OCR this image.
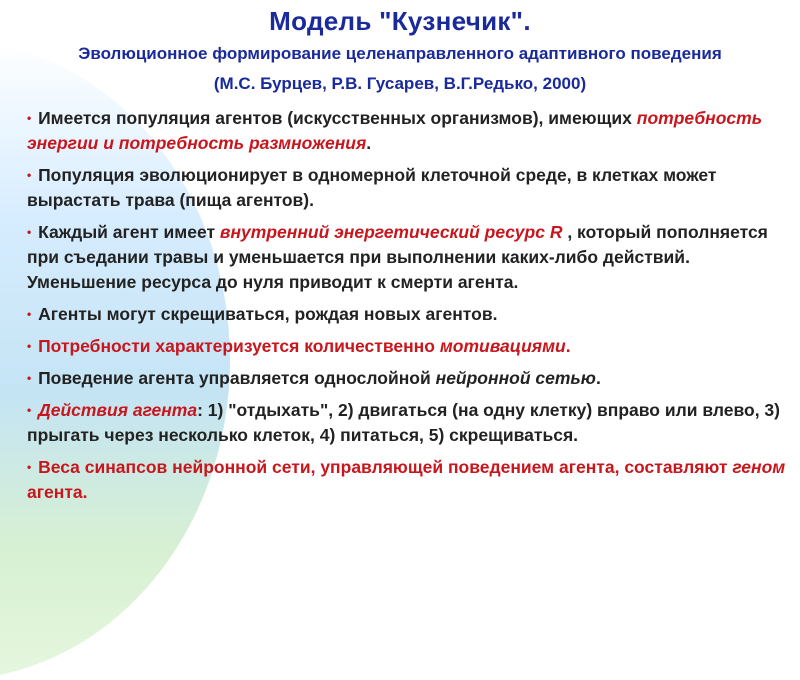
Модель "Кузнечик".
Эволюционное формирование целенаправленного адаптивного поведения
(М.С. Бурцев, Р.В. Гусарев, В.Г.Редько, 2000)
• Имеется популяция агентов (искусственных организмов), имеющих потребность энергии и потребность размножения.
• Популяция эволюционирует в одномерной клеточной среде, в клетках может вырастать трава (пища агентов).
• Каждый агент имеет внутренний энергетический ресурс R , который пополняется при съедании травы и уменьшается при выполнении каких-либо действий. Уменьшение ресурса до нуля приводит к смерти агента.
• Агенты могут скрещиваться, рождая новых агентов.
• Потребности характеризуется количественно мотивациями.
• Поведение агента управляется однослойной нейронной сетью.
• Действия агента: 1) "отдыхать", 2) двигаться (на одну клетку) вправо или влево, 3) прыгать через несколько клеток, 4) питаться, 5) скрещиваться.
• Веса синапсов нейронной сети, управляющей поведением агента, составляют геном агента.
